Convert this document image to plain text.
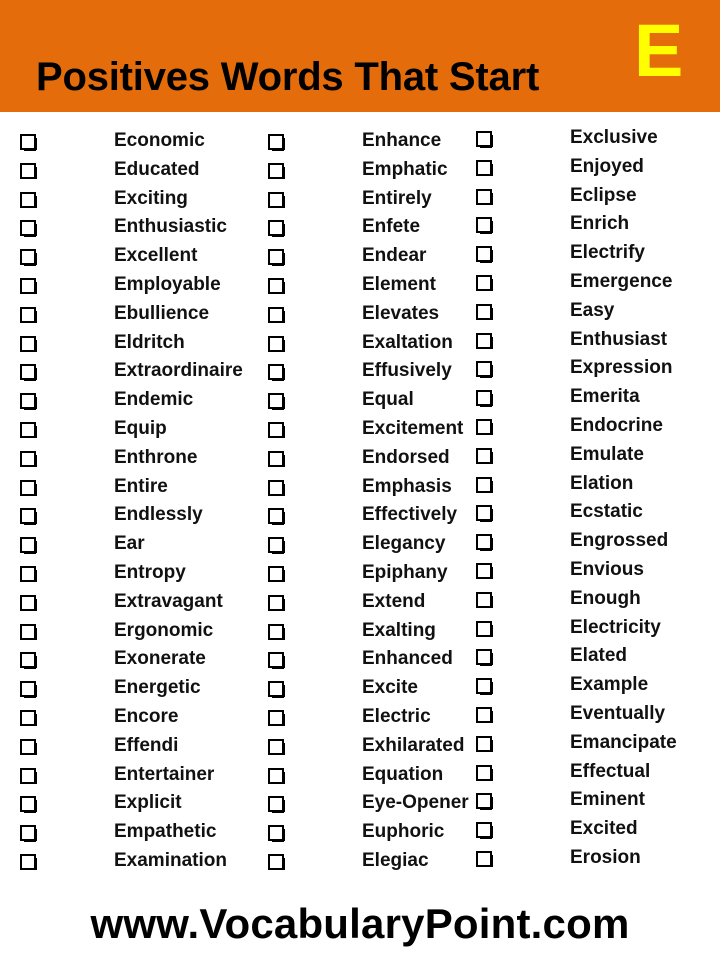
Positives Words That Start E
Economic
Educated
Exciting
Enthusiastic
Excellent
Employable
Ebullience
Eldritch
Extraordinaire
Endemic
Equip
Enthrone
Entire
Endlessly
Ear
Entropy
Extravagant
Ergonomic
Exonerate
Energetic
Encore
Effendi
Entertainer
Explicit
Empathetic
Examination
Enhance
Emphatic
Entirely
Enfete
Endear
Element
Elevates
Exaltation
Effusively
Equal
Excitement
Endorsed
Emphasis
Effectively
Elegancy
Epiphany
Extend
Exalting
Enhanced
Excite
Electric
Exhilarated
Equation
Eye-Opener
Euphoric
Elegiac
Exclusive
Enjoyed
Eclipse
Enrich
Electrify
Emergence
Easy
Enthusiast
Expression
Emerita
Endocrine
Emulate
Elation
Ecstatic
Engrossed
Envious
Enough
Electricity
Elated
Example
Eventually
Emancipate
Effectual
Eminent
Excited
Erosion
www.VocabularyPoint.com
